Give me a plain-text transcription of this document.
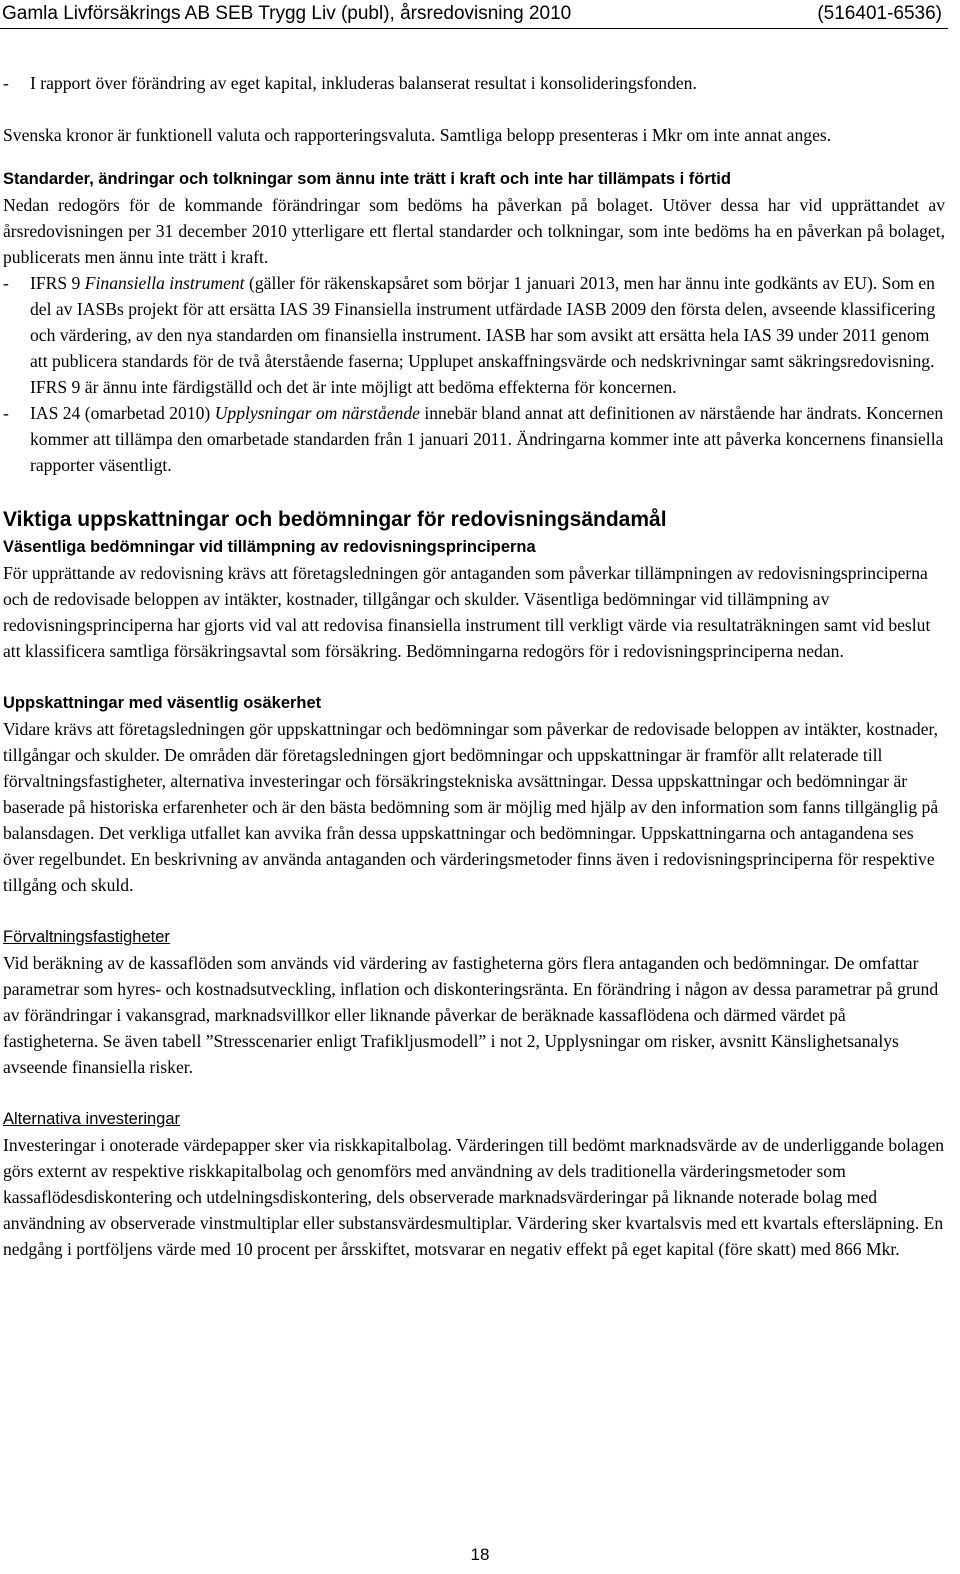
Gamla Livförsäkrings AB SEB Trygg Liv (publ), årsredovisning 2010	(516401-6536)
-	I rapport över förändring av eget kapital, inkluderas balanserat resultat i konsolideringsfonden.

Svenska kronor är funktionell valuta och rapporteringsvaluta. Samtliga belopp presenteras i Mkr om inte annat anges.

Standarder, ändringar och tolkningar som ännu inte trätt i kraft och inte har tillämpats i förtid

Nedan redogörs för de kommande förändringar som bedöms ha påverkan på bolaget. Utöver dessa har vid upprättandet av årsredovisningen per 31 december 2010 ytterligare ett flertal standarder och tolkningar, som inte bedöms ha en påverkan på bolaget, publicerats men ännu inte trätt i kraft.

-	IFRS 9 Finansiella instrument (gäller för räkenskapsåret som börjar 1 januari 2013, men har ännu inte godkänts av EU). Som en del av IASBs projekt för att ersätta IAS 39 Finansiella instrument utfärdade IASB 2009 den första delen, avseende klassificering och värdering, av den nya standarden om finansiella instrument. IASB har som avsikt att ersätta hela IAS 39 under 2011 genom att publicera standards för de två återstående faserna; Upplupet anskaffningsvärde och nedskrivningar samt säkringsredovisning. IFRS 9 är ännu inte färdigställd och det är inte möjligt att bedöma effekterna för koncernen.
-	IAS 24 (omarbetad 2010) Upplysningar om närstående innebär bland annat att definitionen av närstående har ändrats. Koncernen kommer att tillämpa den omarbetade standarden från 1 januari 2011. Ändringarna kommer inte att påverka koncernens finansiella rapporter väsentligt.
Viktiga uppskattningar och bedömningar för redovisningsändamål
Väsentliga bedömningar vid tillämpning av redovisningsprinciperna

För upprättande av redovisning krävs att företagsledningen gör antaganden som påverkar tillämpningen av redovisningsprinciperna och de redovisade beloppen av intäkter, kostnader, tillgångar och skulder. Väsentliga bedömningar vid tillämpning av redovisningsprinciperna har gjorts vid val att redovisa finansiella instrument till verkligt värde via resultaträkningen samt vid beslut att klassificera samtliga försäkringsavtal som försäkring. Bedömningarna redogörs för i redovisningsprinciperna nedan.

Uppskattningar med väsentlig osäkerhet

Vidare krävs att företagsledningen gör uppskattningar och bedömningar som påverkar de redovisade beloppen av intäkter, kostnader, tillgångar och skulder. De områden där företagsledningen gjort bedömningar och uppskattningar är framför allt relaterade till förvaltningsfastigheter, alternativa investeringar och försäkringstekniska avsättningar. Dessa uppskattningar och bedömningar är baserade på historiska erfarenheter och är den bästa bedömning som är möjlig med hjälp av den information som fanns tillgänglig på balansdagen. Det verkliga utfallet kan avvika från dessa uppskattningar och bedömningar. Uppskattningarna och antagandena ses över regelbundet. En beskrivning av använda antaganden och värderingsmetoder finns även i redovisningsprinciperna för respektive tillgång och skuld.

Förvaltningsfastigheter

Vid beräkning av de kassaflöden som används vid värdering av fastigheterna görs flera antaganden och bedömningar. De omfattar parametrar som hyres- och kostnadsutveckling, inflation och diskonteringsränta. En förändring i någon av dessa parametrar på grund av förändringar i vakansgrad, marknadsvillkor eller liknande påverkar de beräknade kassaflödena och därmed värdet på fastigheterna. Se även tabell ”Stresscenarier enligt Trafikljusmodell” i not 2, Upplysningar om risker, avsnitt Känslighetsanalys avseende finansiella risker.

Alternativa investeringar

Investeringar i onoterade värdepapper sker via riskkapitalbolag. Värderingen till bedömt marknadsvärde av de underliggande bolagen görs externt av respektive riskkapitalbolag och genomförs med användning av dels traditionella värderingsmetoder som kassaflödesdiskontering och utdelningsdiskontering, dels observerade marknadsvärderingar på liknande noterade bolag med användning av observerade vinstmultiplar eller substansvärdesmultiplar. Värdering sker kvartalsvis med ett kvartals eftersläpning. En nedgång i portföljens värde med 10 procent per årsskiftet, motsvarar en negativ effekt på eget kapital (före skatt) med 866 Mkr.

18
